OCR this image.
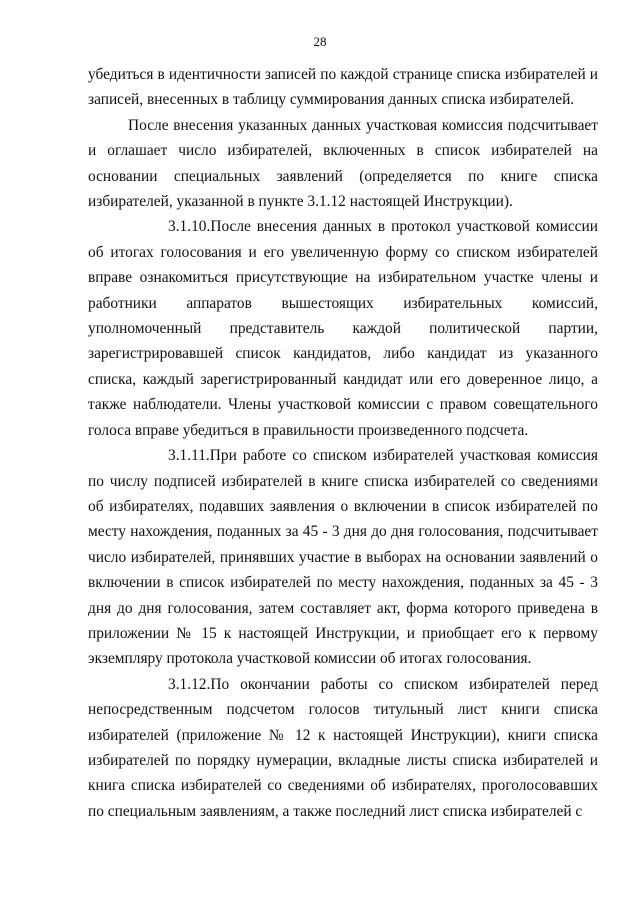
28

убедиться в идентичности записей по каждой странице списка избирателей и записей, внесенных в таблицу суммирования данных списка избирателей.

После внесения указанных данных участковая комиссия подсчитывает и оглашает число избирателей, включенных в список избирателей на основании специальных заявлений (определяется по книге списка избирателей, указанной в пункте 3.1.12 настоящей Инструкции).

3.1.10.После внесения данных в протокол участковой комиссии об итогах голосования и его увеличенную форму со списком избирателей вправе ознакомиться присутствующие на избирательном участке члены и работники аппаратов вышестоящих избирательных комиссий, уполномоченный представитель каждой политической партии, зарегистрировавшей список кандидатов, либо кандидат из указанного списка, каждый зарегистрированный кандидат или его доверенное лицо, а также наблюдатели. Члены участковой комиссии с правом совещательного голоса вправе убедиться в правильности произведенного подсчета.

3.1.11.При работе со списком избирателей участковая комиссия по числу подписей избирателей в книге списка избирателей со сведениями об избирателях, подавших заявления о включении в список избирателей по месту нахождения, поданных за 45 - 3 дня до дня голосования, подсчитывает число избирателей, принявших участие в выборах на основании заявлений о включении в список избирателей по месту нахождения, поданных за 45 - 3 дня до дня голосования, затем составляет акт, форма которого приведена в приложении № 15 к настоящей Инструкции, и приобщает его к первому экземпляру протокола участковой комиссии об итогах голосования.

3.1.12.По окончании работы со списком избирателей перед непосредственным подсчетом голосов титульный лист книги списка избирателей (приложение № 12 к настоящей Инструкции), книги списка избирателей по порядку нумерации, вкладные листы списка избирателей и книга списка избирателей со сведениями об избирателях, проголосовавших по специальным заявлениям, а также последний лист списка избирателей с
